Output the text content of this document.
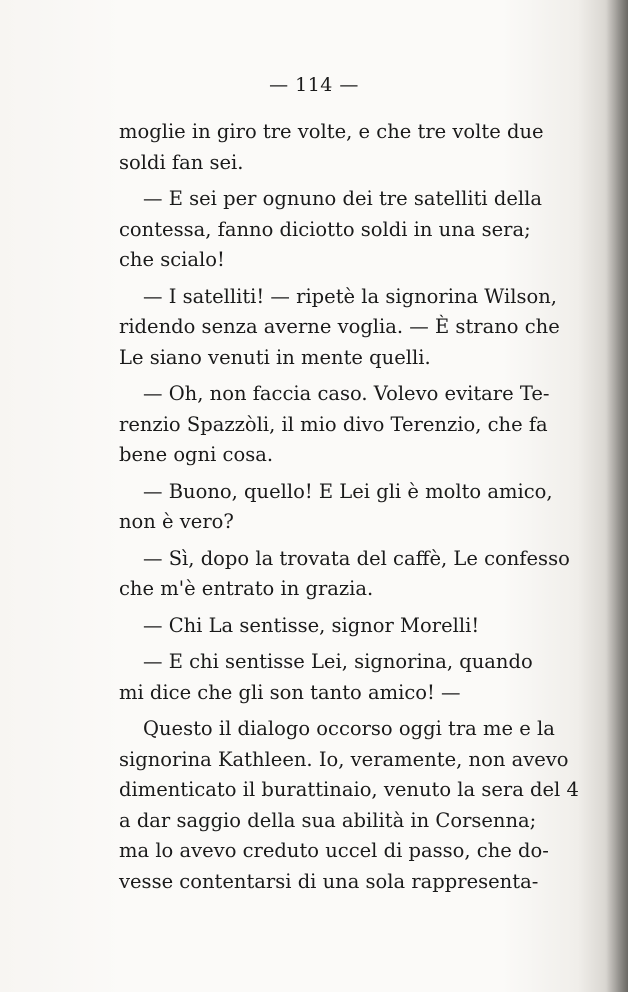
— 114 —
moglie in giro tre volte, e che tre volte due
soldi fan sei.
— E sei per ognuno dei tre satelliti della
contessa, fanno diciotto soldi in una sera;
che scialo!
— I satelliti! — ripetè la signorina Wilson,
ridendo senza averne voglia. — È strano che
Le siano venuti in mente quelli.
— Oh, non faccia caso. Volevo evitare Te-
renzio Spazzòli, il mio divo Terenzio, che fa
bene ogni cosa.
— Buono, quello! E Lei gli è molto amico,
non è vero?
— Sì, dopo la trovata del caffè, Le confesso
che m'è entrato in grazia.
— Chi La sentisse, signor Morelli!
— E chi sentisse Lei, signorina, quando
mi dice che gli son tanto amico! —
Questo il dialogo occorso oggi tra me e la
signorina Kathleen. Io, veramente, non avevo
dimenticato il burattinaio, venuto la sera del 4
a dar saggio della sua abilità in Corsenna;
ma lo avevo creduto uccel di passo, che do-
vesse contentarsi di una sola rappresenta-
